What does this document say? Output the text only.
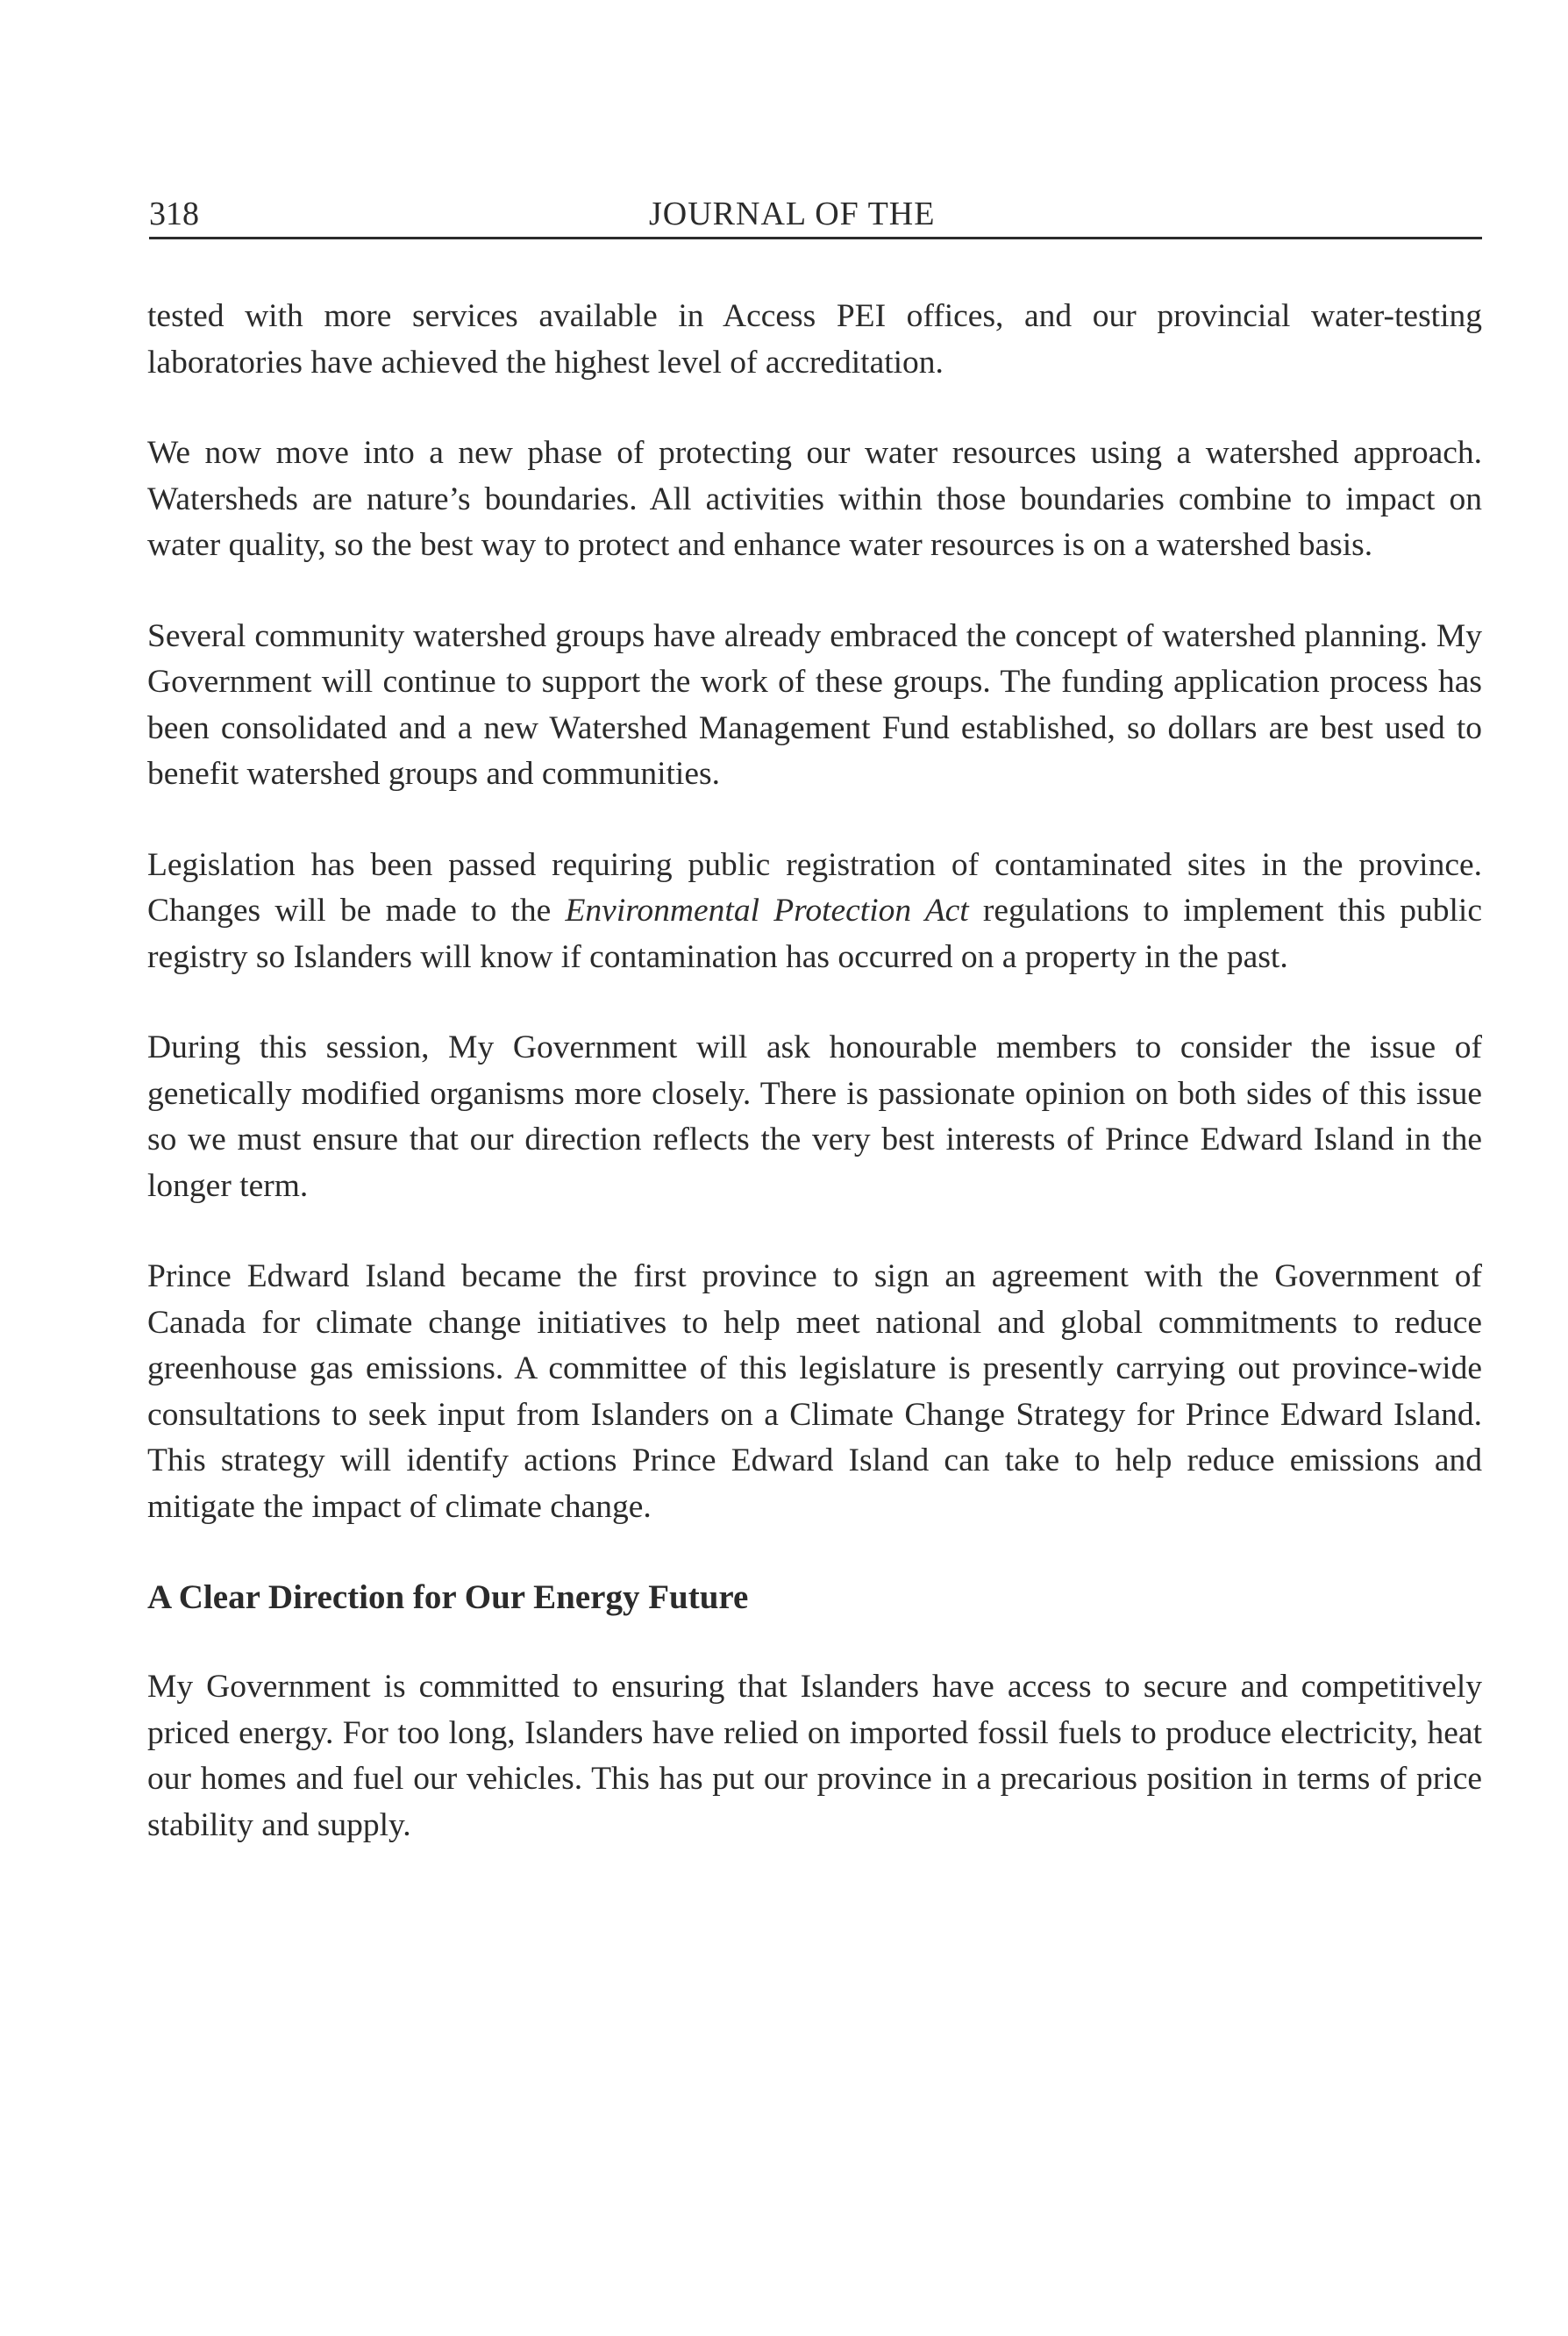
318	JOURNAL OF THE

tested with more services available in Access PEI offices, and our provincial water-testing laboratories have achieved the highest level of accreditation.

We now move into a new phase of protecting our water resources using a watershed approach. Watersheds are nature’s boundaries. All activities within those boundaries combine to impact on water quality, so the best way to protect and enhance water resources is on a watershed basis.

Several community watershed groups have already embraced the concept of watershed planning. My Government will continue to support the work of these groups. The funding application process has been consolidated and a new Watershed Management Fund established, so dollars are best used to benefit watershed groups and communities.

Legislation has been passed requiring public registration of contaminated sites in the province. Changes will be made to the Environmental Protection Act regulations to implement this public registry so Islanders will know if contamination has occurred on a property in the past.

During this session, My Government will ask honourable members to consider the issue of genetically modified organisms more closely. There is passionate opinion on both sides of this issue so we must ensure that our direction reflects the very best interests of Prince Edward Island in the longer term.

Prince Edward Island became the first province to sign an agreement with the Government of Canada for climate change initiatives to help meet national and global commitments to reduce greenhouse gas emissions. A committee of this legislature is presently carrying out province-wide consultations to seek input from Islanders on a Climate Change Strategy for Prince Edward Island. This strategy will identify actions Prince Edward Island can take to help reduce emissions and mitigate the impact of climate change.

A Clear Direction for Our Energy Future

My Government is committed to ensuring that Islanders have access to secure and competitively priced energy. For too long, Islanders have relied on imported fossil fuels to produce electricity, heat our homes and fuel our vehicles. This has put our province in a precarious position in terms of price stability and supply.
